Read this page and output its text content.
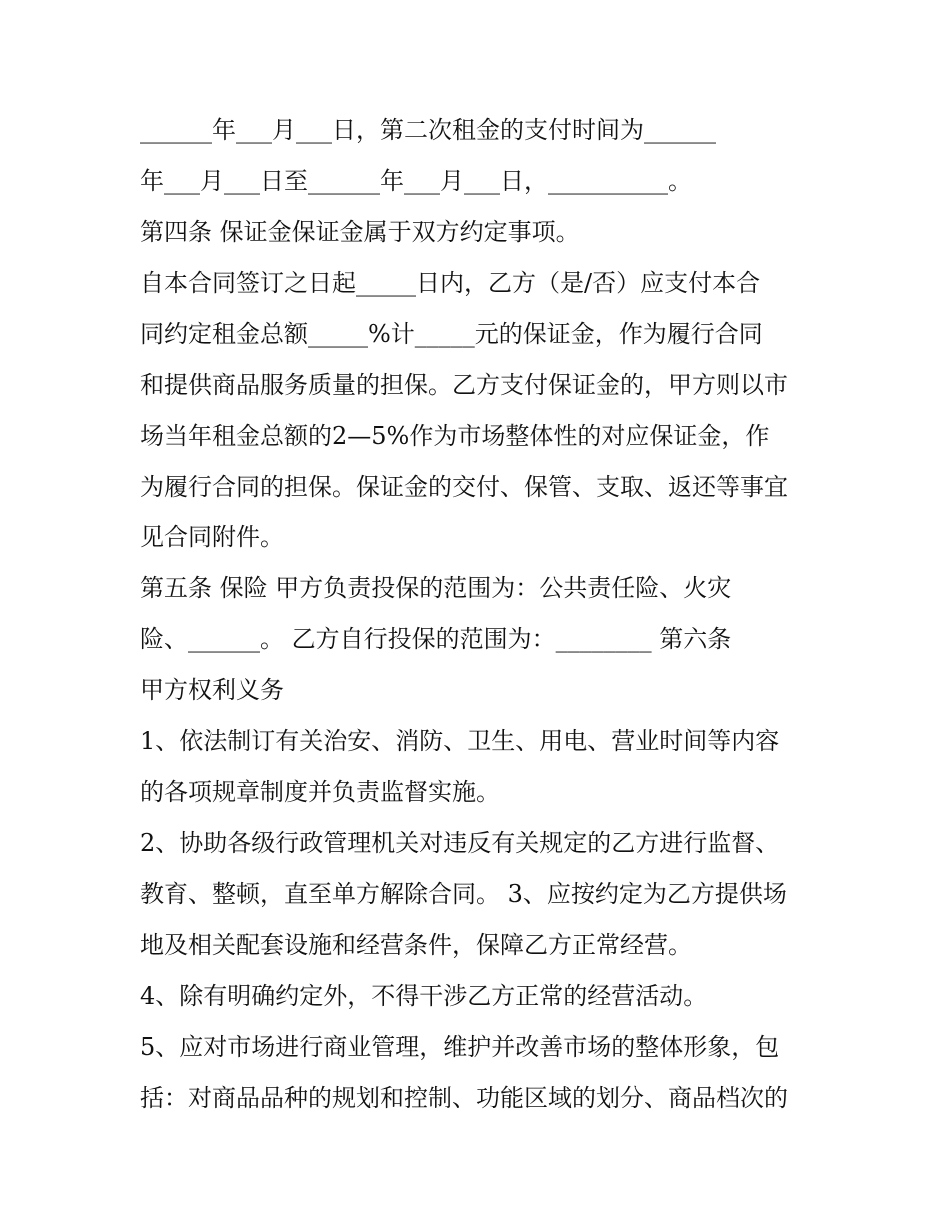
______年___月___日，第二次租金的支付时间为______
年___月___日至______年___月___日，__________。
第四条 保证金保证金属于双方约定事项。
自本合同签订之日起_____日内，乙方（是/否）应支付本合
同约定租金总额_____%计_____元的保证金，作为履行合同
和提供商品服务质量的担保。乙方支付保证金的，甲方则以市
场当年租金总额的2—5%作为市场整体性的对应保证金，作
为履行合同的担保。保证金的交付、保管、支取、返还等事宜
见合同附件。
第五条 保险 甲方负责投保的范围为：公共责任险、火灾
险、______。 乙方自行投保的范围为：________ 第六条
甲方权利义务
1、依法制订有关治安、消防、卫生、用电、营业时间等内容
的各项规章制度并负责监督实施。
2、协助各级行政管理机关对违反有关规定的乙方进行监督、
教育、整顿，直至单方解除合同。 3、应按约定为乙方提供场
地及相关配套设施和经营条件，保障乙方正常经营。
4、除有明确约定外，不得干涉乙方正常的经营活动。
5、应对市场进行商业管理，维护并改善市场的整体形象，包
括：对商品品种的规划和控制、功能区域的划分、商品档次的
